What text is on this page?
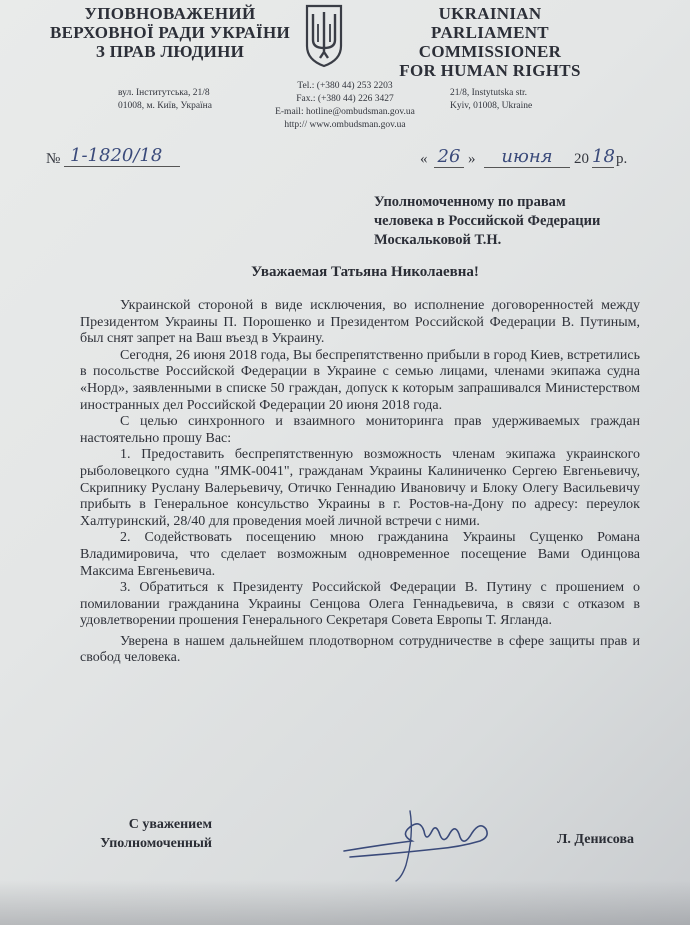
УПОВНОВАЖЕНИЙ
ВЕРХОВНОЇ РАДИ УКРАЇНИ
З ПРАВ ЛЮДИНИ
UKRAINIAN
PARLIAMENT COMMISSIONER
FOR HUMAN RIGHTS
вул. Інститутська, 21/8
01008, м. Київ, Україна
Tel.: (+380 44) 253 2203
Fax.: (+380 44) 226 3427
E-mail: hotline@ombudsman.gov.ua
http:// www.ombudsman.gov.ua
21/8, Instytutska str.
Kyiv, 01008, Ukraine
№ 1-1820/18	« 26 »	июня	20 18 р.
Уполномоченному по правам
человека в Российской Федерации
Москальковой Т.Н.
Уважаемая Татьяна Николаевна!

Украинской стороной в виде исключения, во исполнение договоренностей между Президентом Украины П. Порошенко и Президентом Российской Федерации В. Путиным, был снят запрет на Ваш въезд в Украину.

Сегодня, 26 июня 2018 года, Вы беспрепятственно прибыли в город Киев, встретились в посольстве Российской Федерации в Украине с семью лицами, членами экипажа судна «Норд», заявленными в списке 50 граждан, допуск к которым запрашивался Министерством иностранных дел Российской Федерации 20 июня 2018 года.

С целью синхронного и взаимного мониторинга прав удерживаемых граждан настоятельно прошу Вас:

1. Предоставить беспрепятственную возможность членам экипажа украинского рыболовецкого судна "ЯМК-0041", гражданам Украины Калиниченко Сергею Евгеньевичу, Скрипнику Руслану Валерьевичу, Отичко Геннадию Ивановичу и Блоку Олегу Васильевичу прибыть в Генеральное консульство Украины в г. Ростов-на-Дону по адресу: переулок Халтуринский, 28/40 для проведения моей личной встречи с ними.

2. Содействовать посещению мною гражданина Украины Сущенко Романа Владимировича, что сделает возможным одновременное посещение Вами Одинцова Максима Евгеньевича.

3. Обратиться к Президенту Российской Федерации В. Путину с прошением о помиловании гражданина Украины Сенцова Олега Геннадьевича, в связи с отказом в удовлетворении прошения Генерального Секретаря Совета Европы Т. Ягланда.

Уверена в нашем дальнейшем плодотворном сотрудничестве в сфере защиты прав и свобод человека.

С уважением
Уполномоченный	Л. Денисова
